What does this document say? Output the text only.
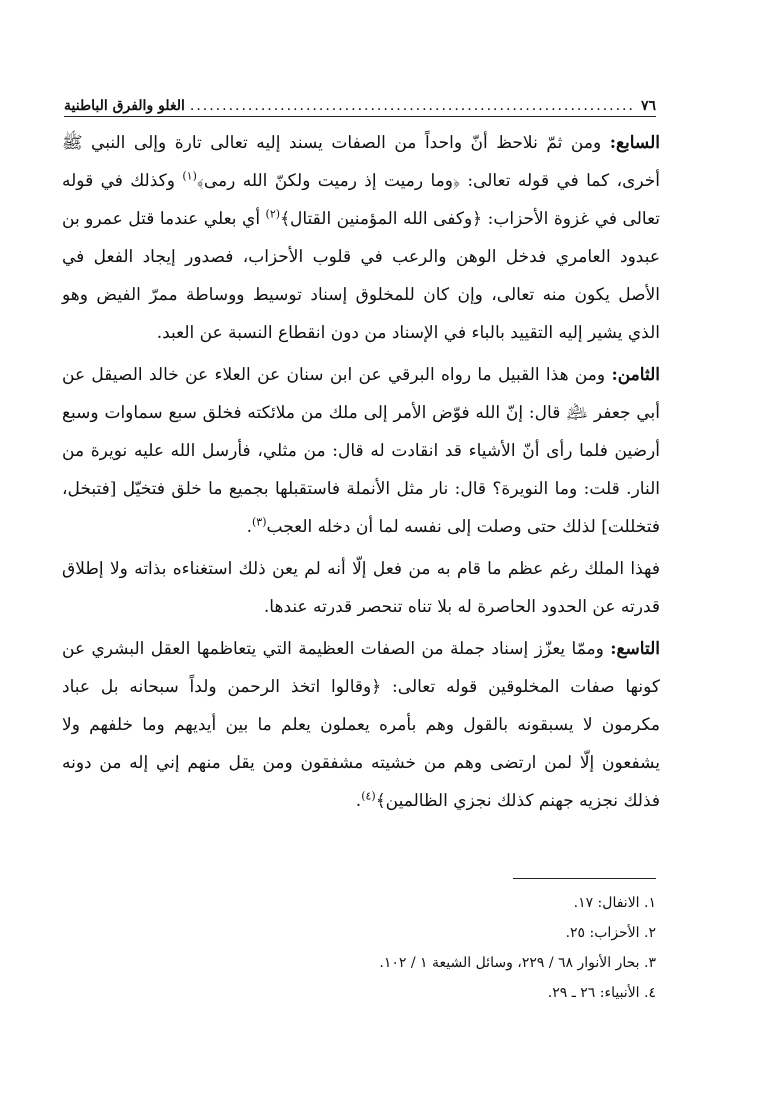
٧٦
.....
الغلو والفرق الباطنية

السابع: ومن ثمّ نلاحظ أنّ واحداً من الصفات يسند إليه تعالى تارة وإلى النبي ﷺ أخرى، كما في قوله تعالى: ﴿وما رميت إذ رميت ولكنّ الله رمى﴾$^{(١)}$ وكذلك في قوله تعالى في غزوة الأحزاب: ﴿وكفى الله المؤمنين القتال﴾$^{(٢)}$ أي بعلي عندما قتل عمرو بن عبدود العامري فدخل الوهن والرعب في قلوب الأحزاب، فصدور إيجاد الفعل في الأصل يكون منه تعالى، وإن كان للمخلوق إسناد توسيط ووساطة ممرّ الفيض وهو الذي يشير إليه التقييد بالباء في الإسناد من دون انقطاع النسبة عن العبد.

الثامن: ومن هذا القبيل ما رواه البرقي عن ابن سنان عن العلاء عن خالد الصيقل عن أبي جعفر ﵇ قال: إنّ الله فوّض الأمر إلى ملك من ملائكته فخلق سبع سماوات وسبع أرضين فلما رأى أنّ الأشياء قد انقادت له قال: من مثلي، فأرسل الله عليه نويرة من النار. قلت: وما النويرة؟ قال: نار مثل الأنملة فاستقبلها بجميع ما خلق فتخيّل [فتبخل، فتخللت] لذلك حتى وصلت إلى نفسه لما أن دخله العجب$^{(٣)}$.

فهذا الملك رغم عظم ما قام به من فعل إلّا أنه لم يعن ذلك استغناءه بذاته ولا إطلاق قدرته عن الحدود الحاصرة له بلا تناه تنحصر قدرته عندها.

التاسع: وممّا يعزّز إسناد جملة من الصفات العظيمة التي يتعاظمها العقل البشري عن كونها صفات المخلوقين قوله تعالى: ﴿وقالوا اتخذ الرحمن ولداً سبحانه بل عباد مكرمون لا يسبقونه بالقول وهم بأمره يعملون يعلم ما بين أيديهم وما خلفهم ولا يشفعون إلّا لمن ارتضى وهم من خشيته مشفقون ومن يقل منهم إني إله من دونه فذلك نجزيه جهنم كذلك نجزي الظالمين﴾$^{(٤)}$.

١. الانفال: ١٧.
٢. الأحزاب: ٢٥.
٣. بحار الأنوار ٦٨ / ٢٢٩، وسائل الشيعة ١ / ١٠٢.
٤. الأنبياء: ٢٦ ـ ٢٩.
